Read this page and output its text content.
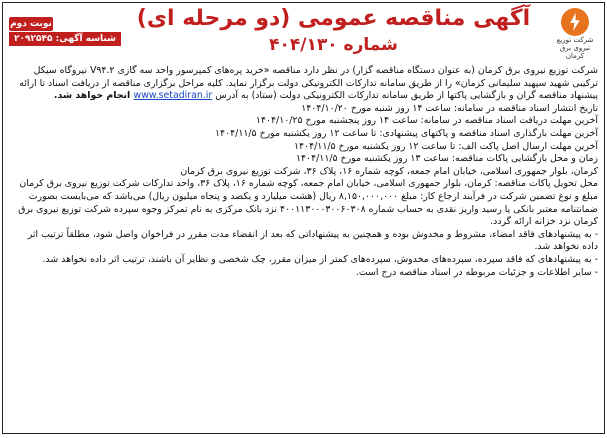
شرکت توزیع نیروی برق کرمان
آگهی مناقصه عمومی (دو مرحله ای)
شماره ۴۰۴/۱۳۰
نوبت دوم
شناسه آگهی: ۲۰۹۲۵۴۵

شرکت توزیع نیروی برق کرمان (به عنوان دستگاه مناقصه گزار) در نظر دارد مناقصه «خرید پره‌های کمپرسور واحد سه گازی V۹۴.۲ نیروگاه سیکل ترکیبی شهید سپهبد سلیمانی کرمان» را از طریق سامانه تدارکات الکترونیکی دولت برگزار نماید. کلیه مراحل برگزاری مناقصه از دریافت اسناد تا ارائه پیشنهاد مناقصه گران و بازگشایی پاکتها از طریق سامانه تدارکات الکترونیکی دولت (ستاد) به آدرس www.setadiran.ir انجام خواهد شد.

تاریخ انتشار اسناد مناقصه در سامانه: ساعت ۱۴ روز شنبه مورخ ۱۴۰۴/۱۰/۲۰

آخرین مهلت دریافت اسناد مناقصه در سامانه: ساعت ۱۴ روز پنجشنبه مورخ ۱۴۰۴/۱۰/۲۵

آخرین مهلت بارگذاری اسناد مناقصه و پاکتهای پیشنهادی: تا ساعت ۱۲ روز یکشنبه مورخ ۱۴۰۴/۱۱/۵

آخرین مهلت ارسال اصل پاکت الف: تا ساعت ۱۲ روز یکشنبه مورخ ۱۴۰۴/۱۱/۵

زمان و محل بازگشایی پاکات مناقصه: ساعت ۱۳ روز یکشنبه مورخ ۱۴۰۴/۱۱/۵

کرمان، بلوار جمهوری اسلامی، خیابان امام جمعه، کوچه شماره ۱۶، پلاک ۳۶، شرکت توزیع نیروی برق کرمان

محل تحویل پاکات مناقصه: کرمان، بلوار جمهوری اسلامی، خیابان امام جمعه، کوچه شماره ۱۶، پلاک ۳۶، واحد تدارکات شرکت توزیع نیروی برق کرمان

مبلغ و نوع تضمین شرکت در فرآیند ارجاع کار: مبلغ ۸,۱۵۰,۰۰۰,۰۰۰ ریال (هشت میلیارد و یکصد و پنجاه میلیون ریال) می‌باشد که می‌بایست بصورت ضمانتنامه معتبر بانکی یا رسید واریز نقدی به حساب شماره ۴۰۰۱۱۳۰۰۰۳۰۰۶۰۳۰۸ نزد بانک مرکزی به نام تمرکز وجوه سپرده شرکت توزیع نیروی برق کرمان نزد خزانه ارائه گردد.

- به پیشنهادهای فاقد امضاء، مشروط و مخدوش بوده و همچنین به پیشنهاداتی که بعد از انقضاء مدت مقرر در فراخوان واصل شود، مطلقاً ترتیب اثر داده نخواهد شد.

- به پیشنهادهای که فاقد سپرده، سپرده‌های مخدوش، سپرده‌های کمتر از میزان مقرر، چک شخصی و نظایر آن باشند، ترتیب اثر داده نخواهد شد.

- سایر اطلاعات و جزئیات مربوطه در اسناد مناقصه درج است.
